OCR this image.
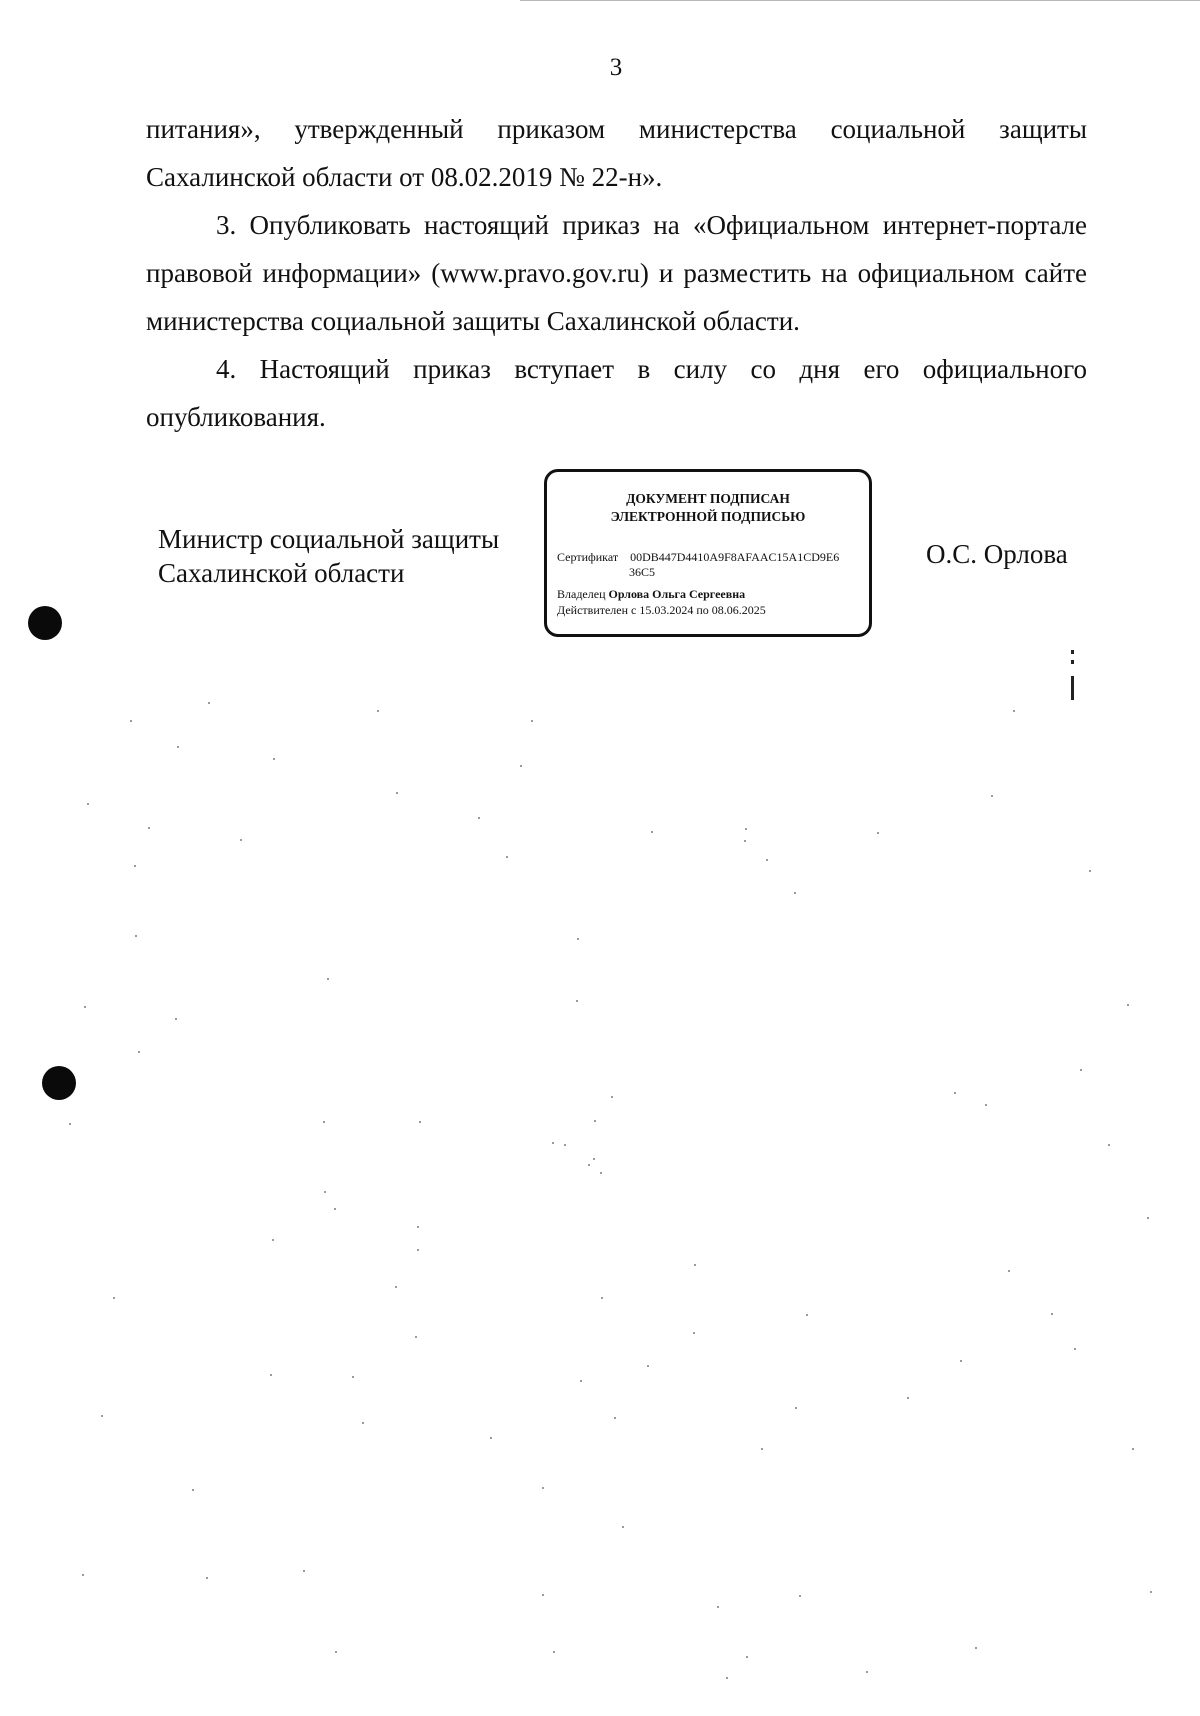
3

питания», утвержденный приказом министерства социальной защиты Сахалинской области от 08.02.2019 № 22-н».

3. Опубликовать настоящий приказ на «Официальном интернет-портале правовой информации» (www.pravo.gov.ru) и разместить на официальном сайте министерства социальной защиты Сахалинской области.

4. Настоящий приказ вступает в силу со дня его официального опубликования.

Министр социальной защиты
Сахалинской области
ДОКУМЕНТ ПОДПИСАН
ЭЛЕКТРОННОЙ ПОДПИСЬЮ
Сертификат 00DB447D4410A9F8AFAAC15A1CD9E6
36C5
Владелец Орлова Ольга Сергеевна
Действителен с 15.03.2024 по 08.06.2025
О.С. Орлова
